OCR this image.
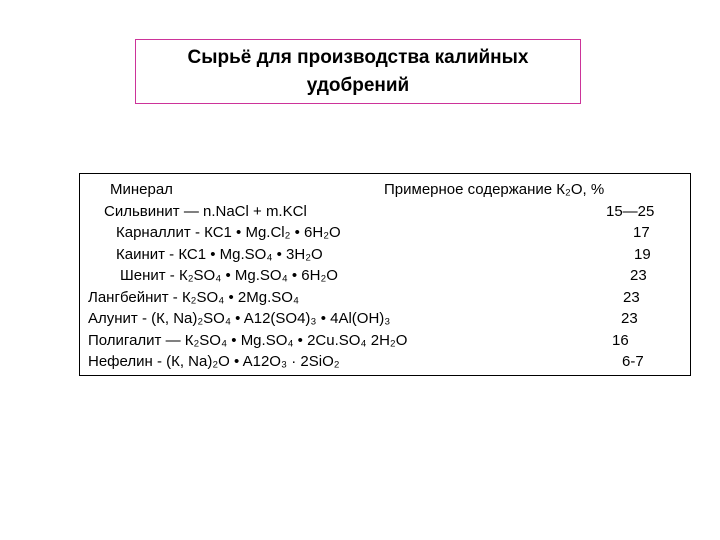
Сырьё для производства калийных
удобрений
Минерал	Примерное содержание К₂О, %
Сильвинит — n.NaCl + m.KCl	15—25
Карналлит - КС1 • Mg.Cl₂ • 6H₂O	17
Каинит - КС1 • Mg.SO₄ • 3H₂O	19
Шенит - К₂SO₄ • Mg.SO₄ • 6H₂O	23
Лангбейнит - К₂SO₄ • 2Mg.SO₄	23
Алунит - (К, Na)₂SO₄ • A12(SO4)₃ • 4Al(OH)₃	23
Полигалит — К₂SO₄ • Mg.SO₄ • 2Cu.SO₄ 2H₂O	16
Нефелин - (К, Na)₂O • A12O₃ · 2SiO₂	6-7
